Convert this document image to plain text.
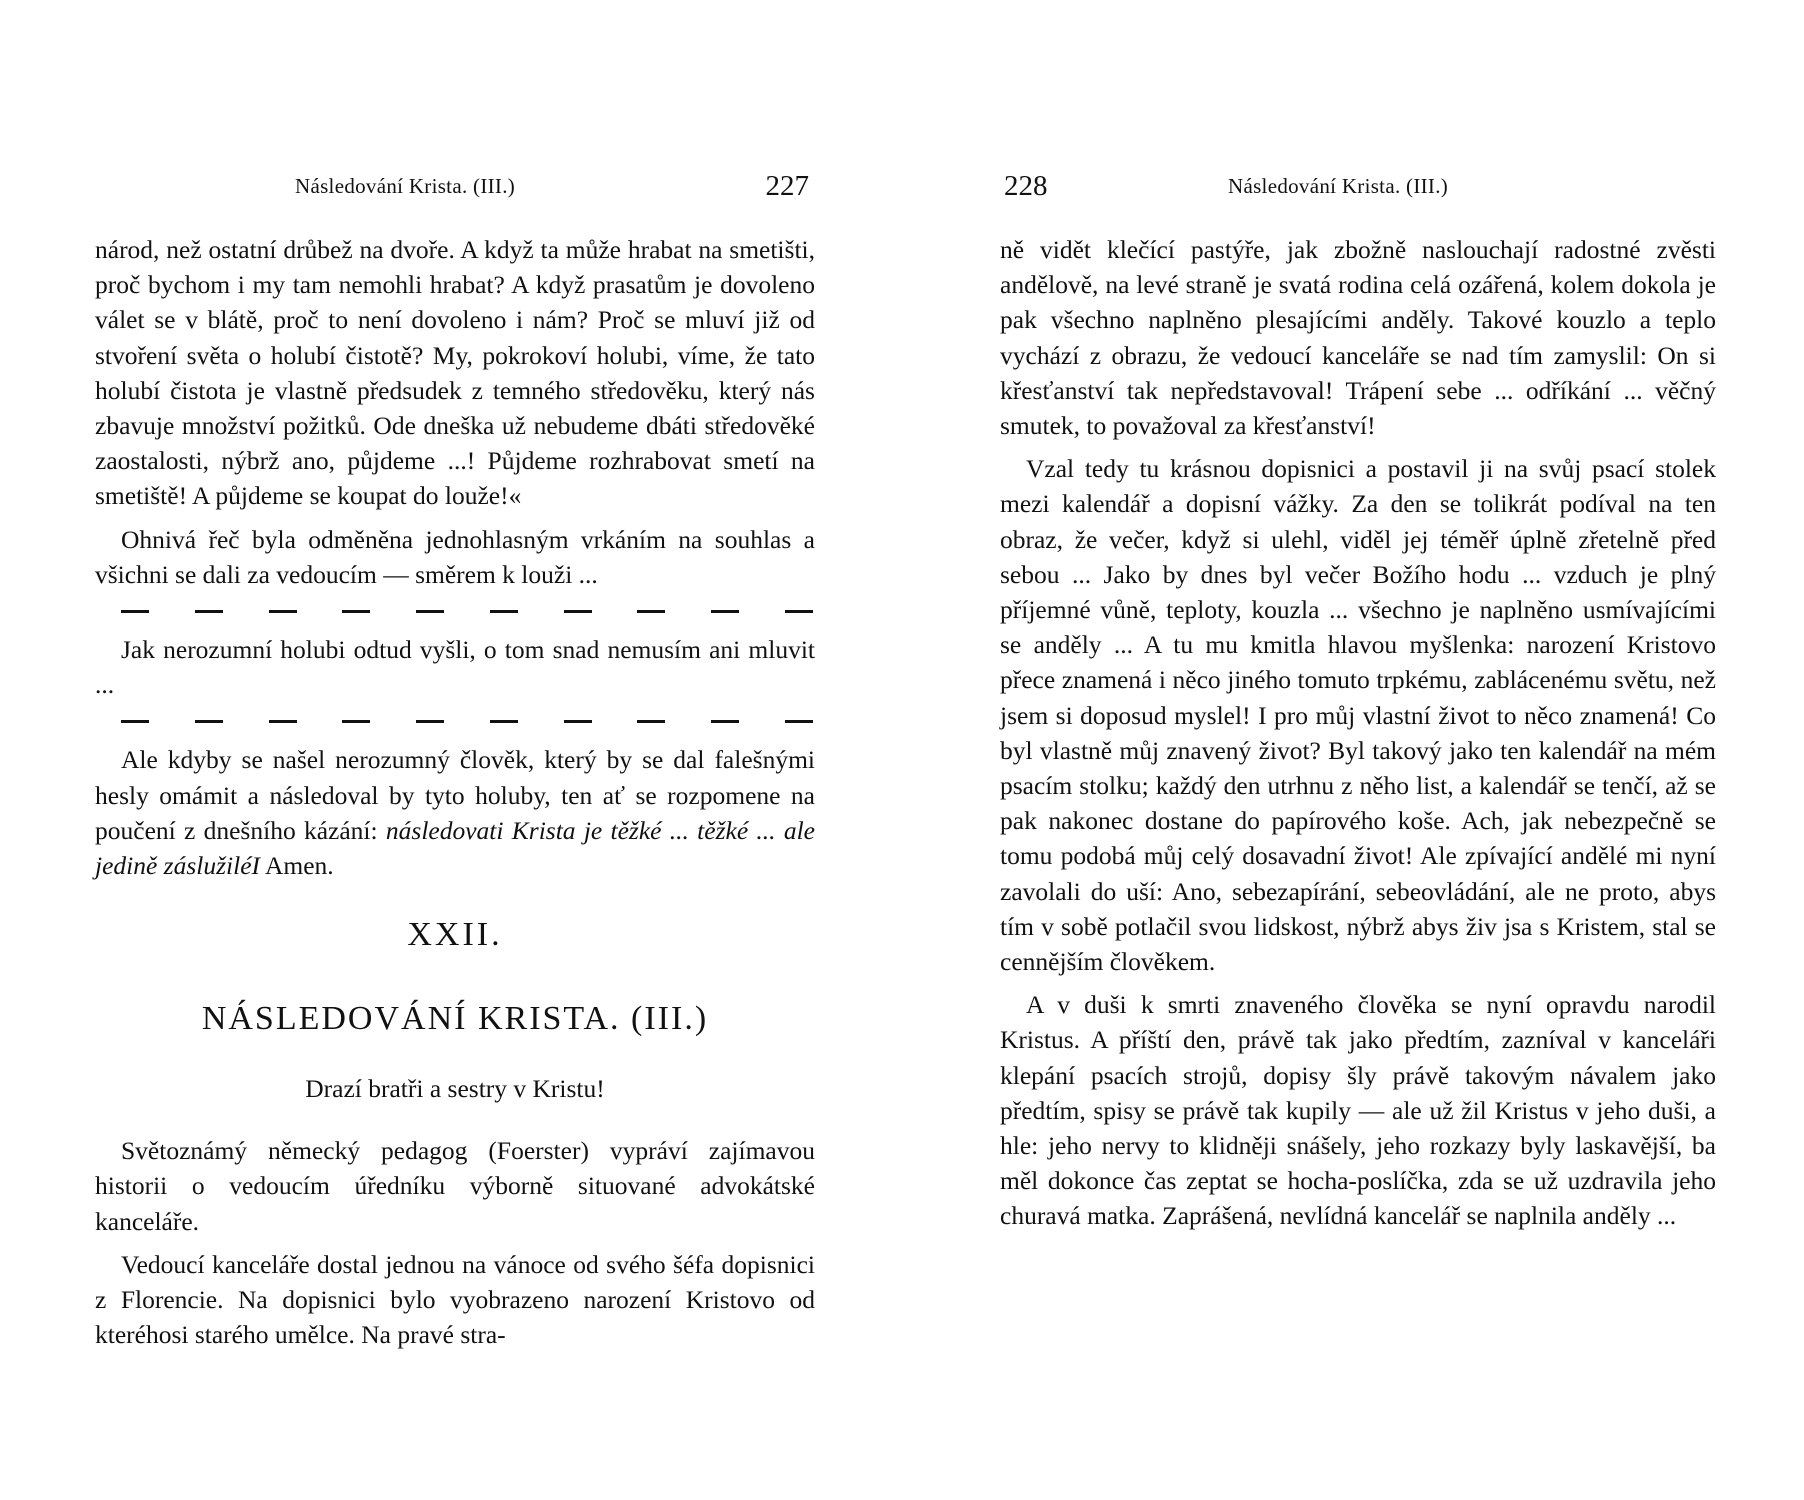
Následování Krista. (III.)	227

národ, než ostatní drůbež na dvoře. A když ta může hrabat na smetišti, proč bychom i my tam nemohli hrabat? A když prasatům je dovoleno válet se v blátě, proč to není dovoleno i nám? Proč se mluví již od stvoření světa o holubí čistotě? My, pokrokoví holubi, víme, že tato holubí čistota je vlastně předsudek z temného středověku, který nás zbavuje množství požitků. Ode dneška už nebudeme dbáti středověké zaostalosti, nýbrž ano, půjdeme ...! Půjdeme rozhrabovat smetí na smetiště! A půjdeme se koupat do louže!«

Ohnivá řeč byla odměněna jednohlasným vrkáním na souhlas a všichni se dali za vedoucím — směrem k louži ...

Jak nerozumní holubi odtud vyšli, o tom snad nemusím ani mluvit ...

Ale kdyby se našel nerozumný člověk, který by se dal falešnými hesly omámit a následoval by tyto holuby, ten ať se rozpomene na poučení z dnešního kázání: následovati Krista je těžké ... těžké ... ale jedině záslužiléI Amen.

XXII.
NÁSLEDOVÁNÍ KRISTA. (III.)
Drazí bratři a sestry v Kristu!

Světoznámý německý pedagog (Foerster) vypráví zajímavou historii o vedoucím úředníku výborně situované advokátské kanceláře.

Vedoucí kanceláře dostal jednou na vánoce od svého šéfa dopisnici z Florencie. Na dopisnici bylo vyobrazeno narození Kristovo od kteréhosi starého umělce. Na pravé stra-

228	Následování Krista. (III.)

ně vidět klečící pastýře, jak zbožně naslouchají radostné zvěsti andělově, na levé straně je svatá rodina celá ozářená, kolem dokola je pak všechno naplněno plesajícími anděly. Takové kouzlo a teplo vychází z obrazu, že vedoucí kanceláře se nad tím zamyslil: On si křesťanství tak nepředstavoval! Trápení sebe ... odříkání ... věčný smutek, to považoval za křesťanství!

Vzal tedy tu krásnou dopisnici a postavil ji na svůj psací stolek mezi kalendář a dopisní vážky. Za den se tolikrát podíval na ten obraz, že večer, když si ulehl, viděl jej téměř úplně zřetelně před sebou ... Jako by dnes byl večer Božího hodu ... vzduch je plný příjemné vůně, teploty, kouzla ... všechno je naplněno usmívajícími se anděly ... A tu mu kmitla hlavou myšlenka: narození Kristovo přece znamená i něco jiného tomuto trpkému, zablácenému světu, než jsem si doposud myslel! I pro můj vlastní život to něco znamená! Co byl vlastně můj znavený život? Byl takový jako ten kalendář na mém psacím stolku; každý den utrhnu z něho list, a kalendář se tenčí, až se pak nakonec dostane do papírového koše. Ach, jak nebezpečně se tomu podobá můj celý dosavadní život! Ale zpívající andělé mi nyní zavolali do uší: Ano, sebezapírání, sebeovládání, ale ne proto, abys tím v sobě potlačil svou lidskost, nýbrž abys živ jsa s Kristem, stal se cennějším člověkem.

A v duši k smrti znaveného člověka se nyní opravdu narodil Kristus. A příští den, právě tak jako předtím, zazníval v kanceláři klepání psacích strojů, dopisy šly právě takovým návalem jako předtím, spisy se právě tak kupily — ale už žil Kristus v jeho duši, a hle: jeho nervy to klidněji snášely, jeho rozkazy byly laskavější, ba měl dokonce čas zeptat se hocha-poslíčka, zda se už uzdravila jeho churavá matka. Zaprášená, nevlídná kancelář se naplnila anděly ...
